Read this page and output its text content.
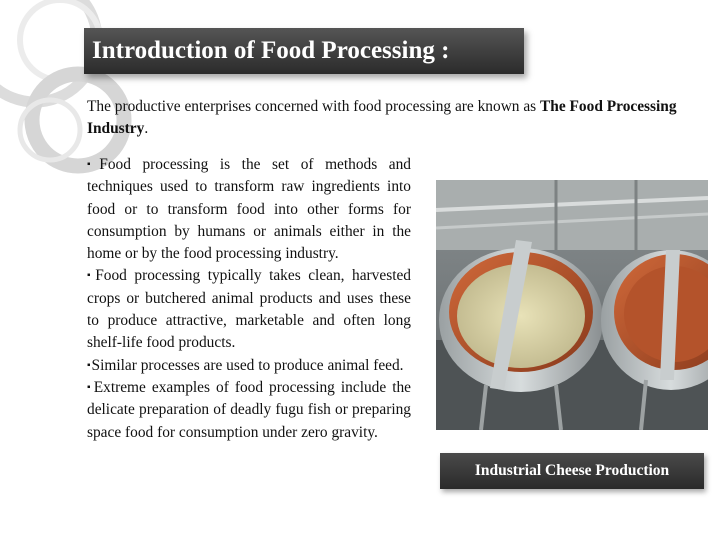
Introduction of Food Processing :
The productive enterprises concerned with food processing are known as The Food Processing Industry.

▪Food processing is the set of methods and techniques used to transform raw ingredients into food or to transform food into other forms for consumption by humans or animals either in the home or by the food processing industry.

▪Food processing typically takes clean, harvested crops or butchered animal products and uses these to produce attractive, marketable and often long shelf-life food products.

▪Similar processes are used to produce animal feed.

▪Extreme examples of food processing include the delicate preparation of deadly fugu fish or preparing space food for consumption under zero gravity.

Industrial Cheese Production
